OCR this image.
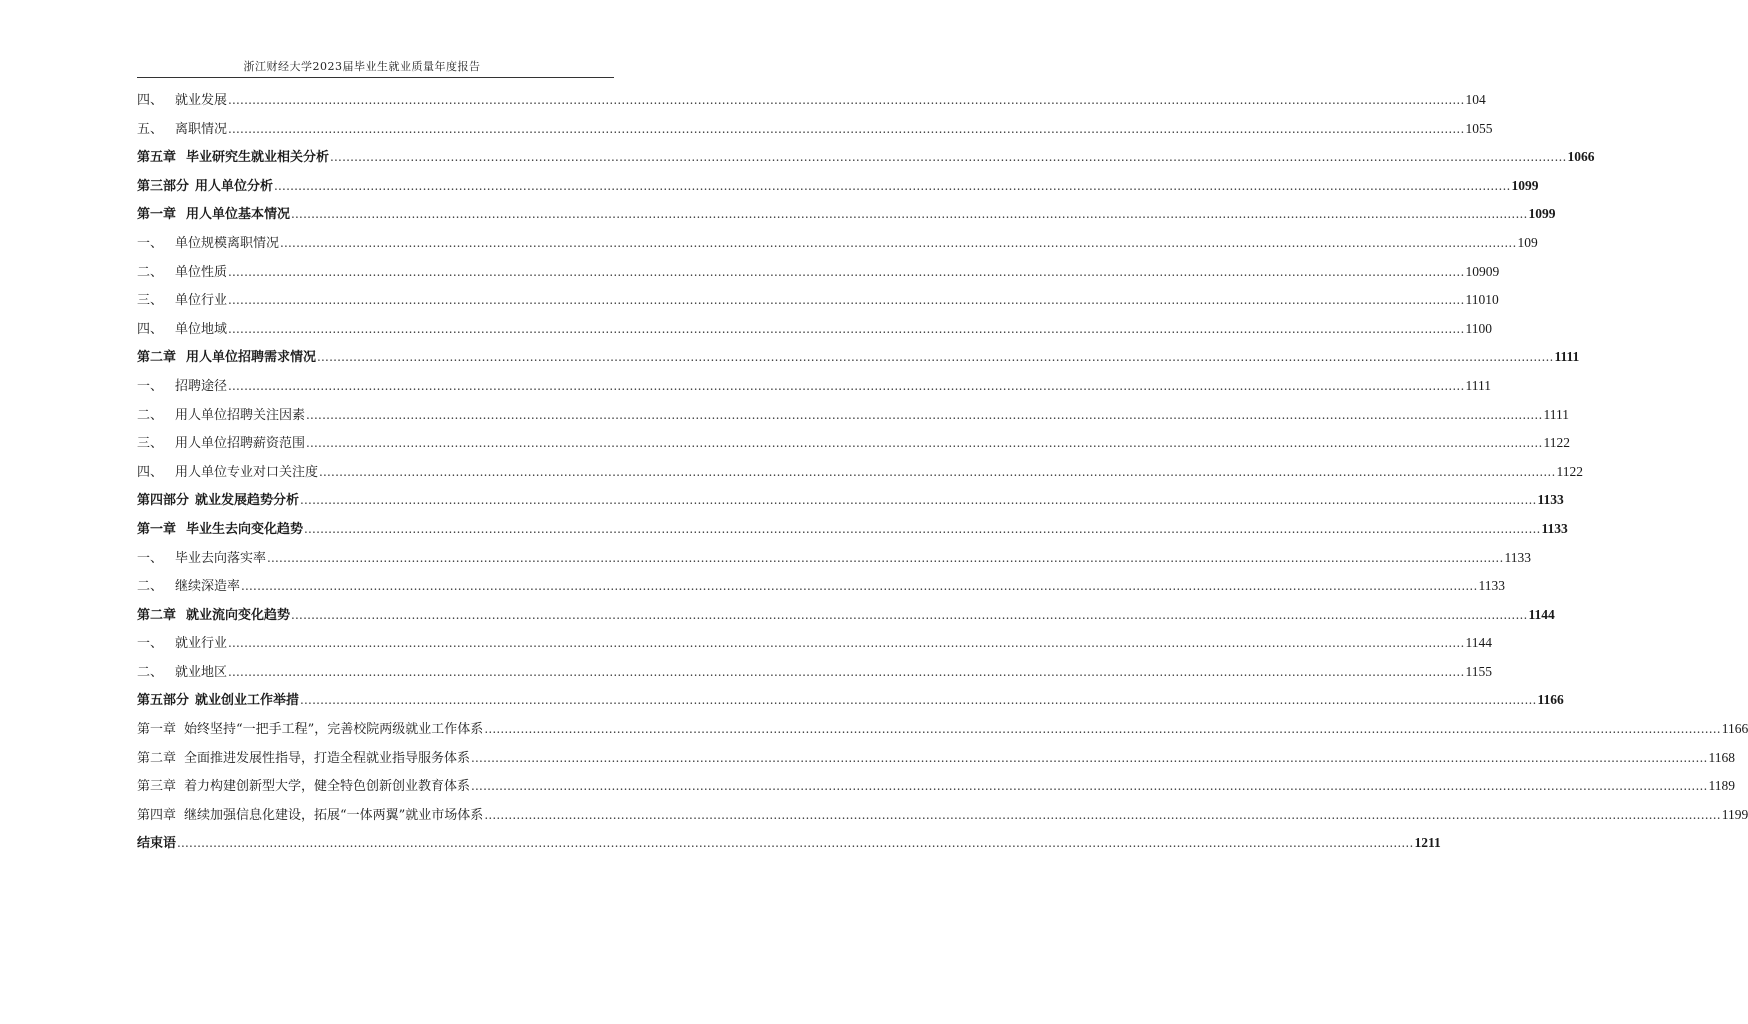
浙江财经大学2023届毕业生就业质量年度报告
四、 就业发展 .....	104
五、 离职情况 .....	1055
第五章 毕业研究生就业相关分析 .....	1066
第三部分 用人单位分析 .....	1099
第一章 用人单位基本情况 .....	1099
一、 单位规模离职情况 .....	109
二、 单位性质 .....	10909
三、 单位行业 .....	11010
四、 单位地域 .....	1100
第二章 用人单位招聘需求情况 .....	1111
一、 招聘途径 .....	1111
二、 用人单位招聘关注因素 .....	1111
三、 用人单位招聘薪资范围 .....	1122
四、 用人单位专业对口关注度 .....	1122
第四部分 就业发展趋势分析 .....	1133
第一章 毕业生去向变化趋势 .....	1133
一、 毕业去向落实率 .....	1133
二、 继续深造率 .....	1133
第二章 就业流向变化趋势 .....	1144
一、 就业行业 .....	1144
二、 就业地区 .....	1155
第五部分 就业创业工作举措 .....	1166
第一章 始终坚持“一把手工程”，完善校院两级就业工作体系 .....	1166
第二章 全面推进发展性指导，打造全程就业指导服务体系 .....	1168
第三章 着力构建创新型大学，健全特色创新创业教育体系 .....	1189
第四章 继续加强信息化建设，拓展“一体两翼”就业市场体系 .....	1199
结束语 .....	1211
